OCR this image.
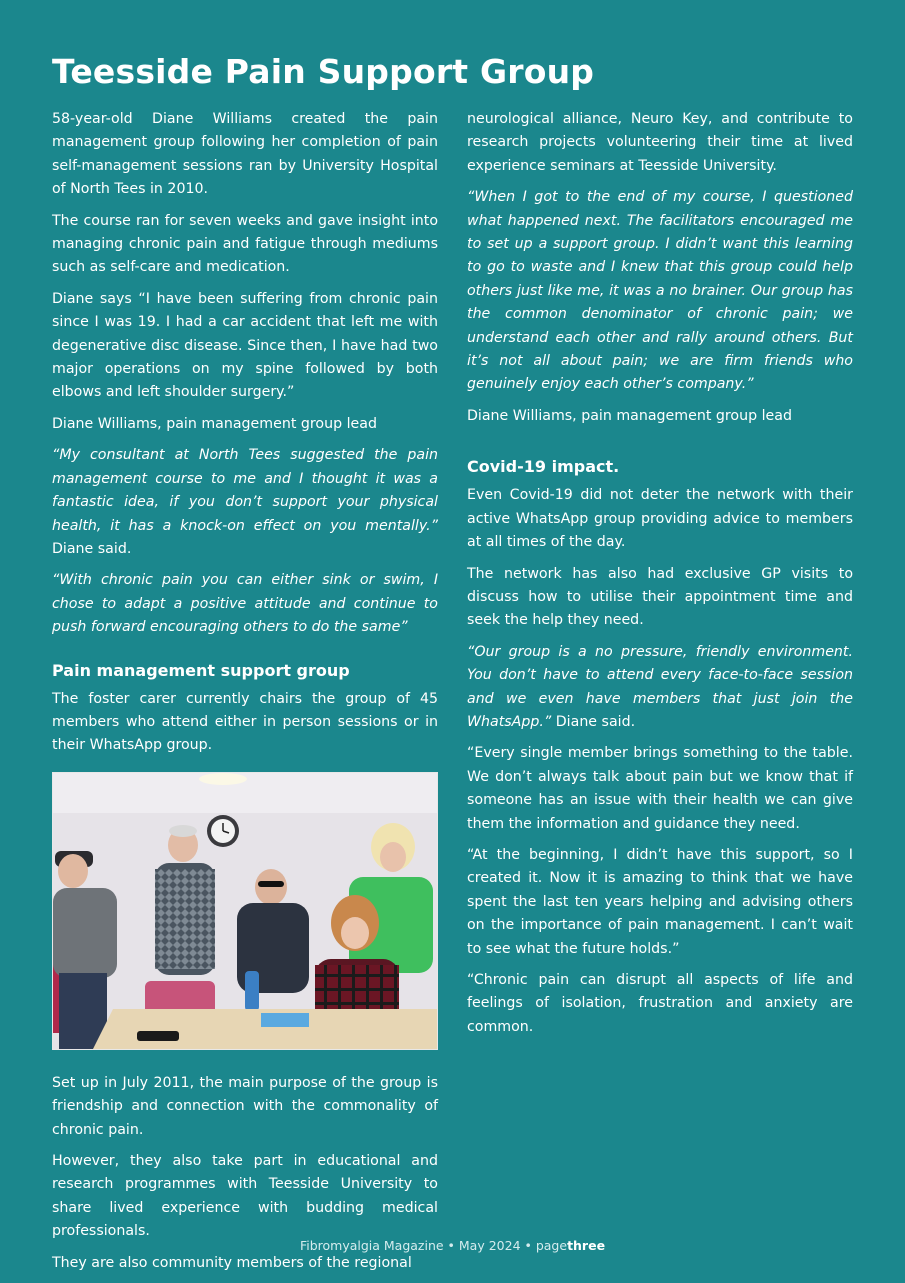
Teesside Pain Support Group

58-year-old Diane Williams created the pain management group following her completion of pain self-management sessions ran by University Hospital of North Tees in 2010.

The course ran for seven weeks and gave insight into managing chronic pain and fatigue through mediums such as self-care and medication.

Diane says “I have been suffering from chronic pain since I was 19. I had a car accident that left me with degenerative disc disease. Since then, I have had two major operations on my spine followed by both elbows and left shoulder surgery.”

Diane Williams, pain management group lead

“My consultant at North Tees suggested the pain management course to me and I thought it was a fantastic idea, if you don’t support your physical health, it has a knock-on effect on you mentally.” Diane said.

“With chronic pain you can either sink or swim, I chose to adapt a positive attitude and continue to push forward encouraging others to do the same”

Pain management support group

The foster carer currently chairs the group of 45 members who attend either in person sessions or in their WhatsApp group.

Set up in July 2011, the main purpose of the group is friendship and connection with the commonality of chronic pain.

However, they also take part in educational and research programmes with Teesside University to share lived experience with budding medical professionals.

They are also community members of the regional

neurological alliance, Neuro Key, and contribute to research projects volunteering their time at lived experience seminars at Teesside University.

“When I got to the end of my course, I questioned what happened next. The facilitators encouraged me to set up a support group. I didn’t want this learning to go to waste and I knew that this group could help others just like me, it was a no brainer. Our group has the common denominator of chronic pain; we understand each other and rally around others. But it’s not all about pain; we are firm friends who genuinely enjoy each other’s company.”

Diane Williams, pain management group lead

Covid-19 impact.

Even Covid-19 did not deter the network with their active WhatsApp group providing advice to members at all times of the day.

The network has also had exclusive GP visits to discuss how to utilise their appointment time and seek the help they need.

“Our group is a no pressure, friendly environment. You don’t have to attend every face-to-face session and we even have members that just join the WhatsApp.” Diane said.

“Every single member brings something to the table. We don’t always talk about pain but we know that if someone has an issue with their health we can give them the information and guidance they need.

“At the beginning, I didn’t have this support, so I created it. Now it is amazing to think that we have spent the last ten years helping and advising others on the importance of pain management. I can’t wait to see what the future holds.”

“Chronic pain can disrupt all aspects of life and feelings of isolation, frustration and anxiety are common.

Fibromyalgia Magazine • May 2024 • pagethree
